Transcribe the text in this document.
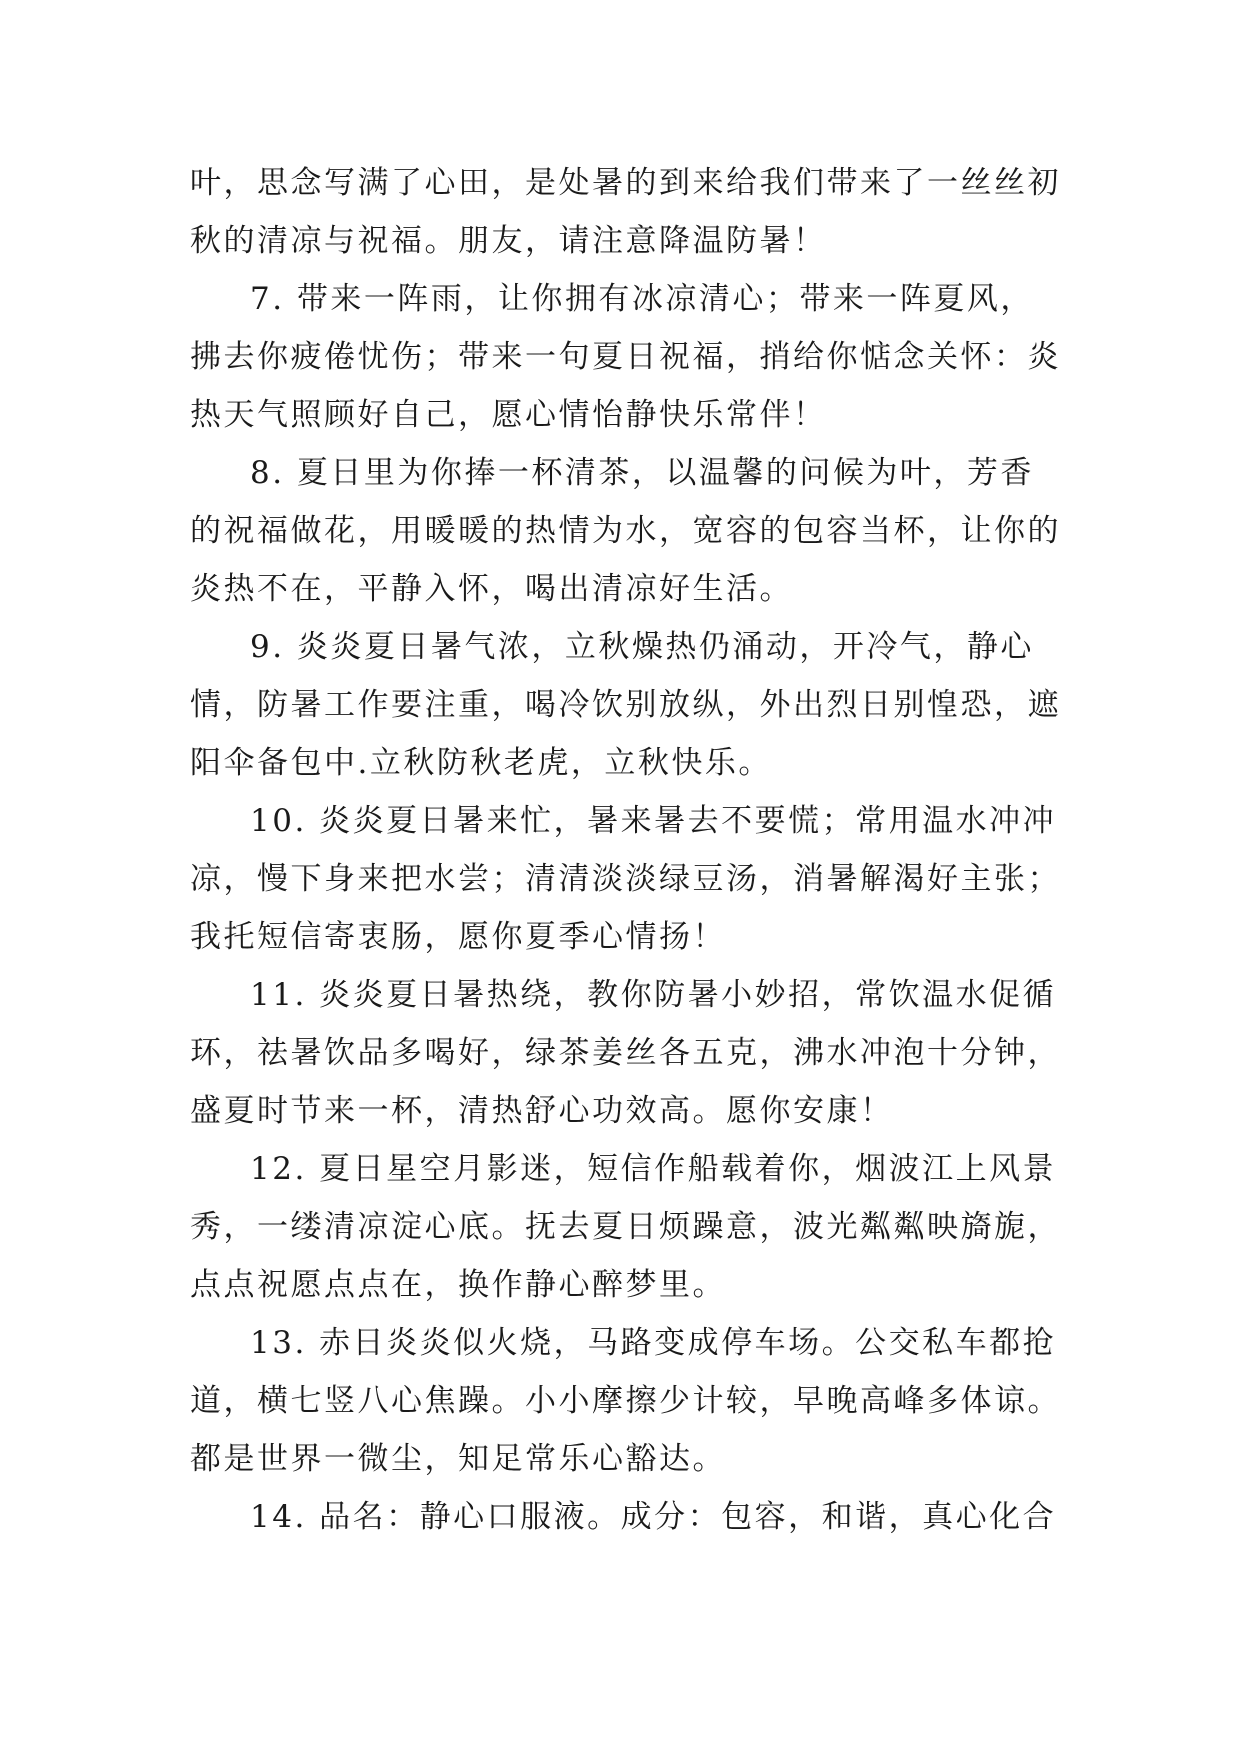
叶，思念写满了心田，是处暑的到来给我们带来了一丝丝初
秋的清凉与祝福。朋友，请注意降温防暑！
7. 带来一阵雨，让你拥有冰凉清心；带来一阵夏风，
拂去你疲倦忧伤；带来一句夏日祝福，捎给你惦念关怀：炎
热天气照顾好自己，愿心情怡静快乐常伴！
8. 夏日里为你捧一杯清茶，以温馨的问候为叶，芳香
的祝福做花，用暖暖的热情为水，宽容的包容当杯，让你的
炎热不在，平静入怀，喝出清凉好生活。
9. 炎炎夏日暑气浓，立秋燥热仍涌动，开冷气，静心
情，防暑工作要注重，喝冷饮别放纵，外出烈日别惶恐，遮
阳伞备包中.立秋防秋老虎，立秋快乐。
10. 炎炎夏日暑来忙，暑来暑去不要慌；常用温水冲冲
凉，慢下身来把水尝；清清淡淡绿豆汤，消暑解渴好主张；
我托短信寄衷肠，愿你夏季心情扬！
11. 炎炎夏日暑热绕，教你防暑小妙招，常饮温水促循
环，祛暑饮品多喝好，绿茶姜丝各五克，沸水冲泡十分钟，
盛夏时节来一杯，清热舒心功效高。愿你安康！
12. 夏日星空月影迷，短信作船载着你，烟波江上风景
秀，一缕清凉淀心底。抚去夏日烦躁意，波光粼粼映旖旎，
点点祝愿点点在，换作静心醉梦里。
13. 赤日炎炎似火烧，马路变成停车场。公交私车都抢
道，横七竖八心焦躁。小小摩擦少计较，早晚高峰多体谅。
都是世界一微尘，知足常乐心豁达。
14. 品名：静心口服液。成分：包容，和谐，真心化合
